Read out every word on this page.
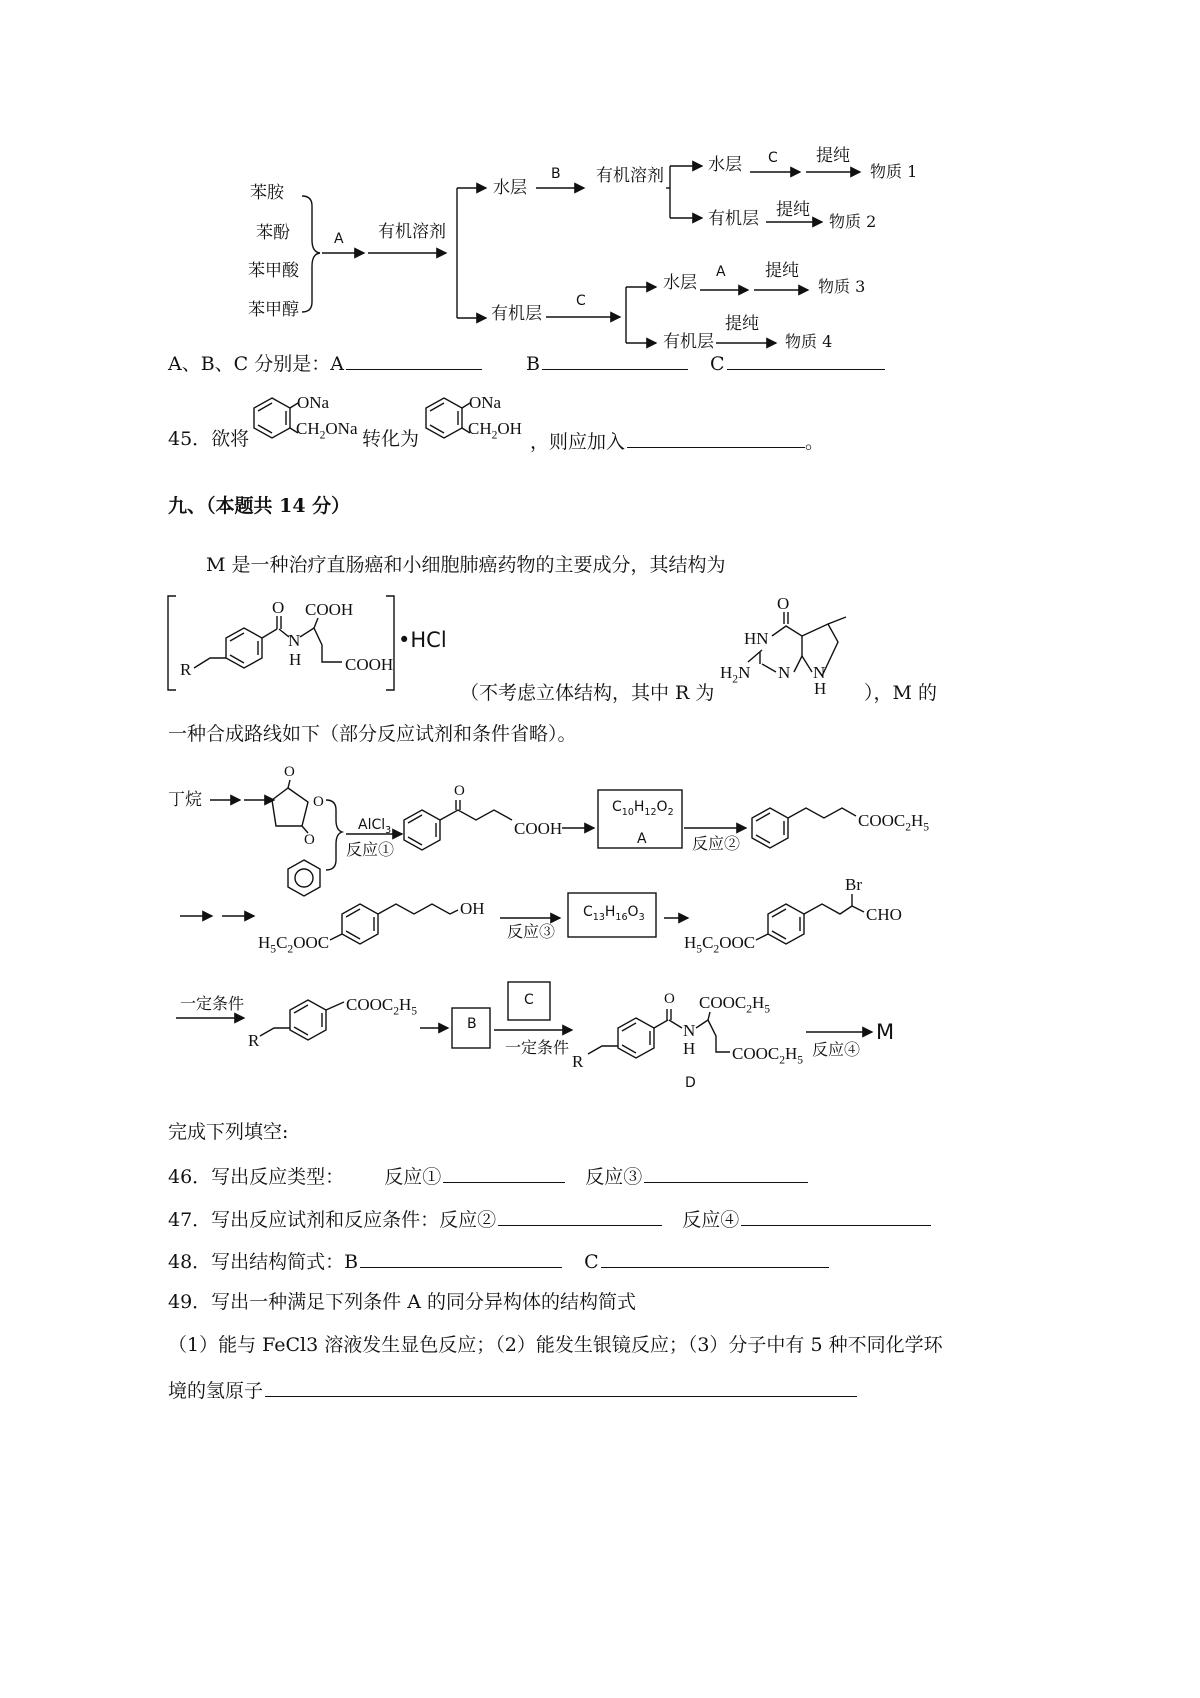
苯胺
苯酚
苯甲酸
苯甲醇
A 有机溶剂
水层
B 有机溶剂
水层 C 提纯
物质 1
有机层 提纯
物质 2
有机层
C
水层
A 提纯
物质 3
有机层
提纯
物质 4
A、B、C 分别是：A	B	C
45．欲将
ONa
$CH_2ONa$ 转化为
ONa
$CH_2OH$
，则应加入	。
九、（本题共 14 分）
M 是一种治疗直肠癌和小细胞肺癌药物的主要成分，其结构为
O COOH
N
H	COOH
R
•HCl
（不考虑立体结构，其中 R 为	），M 的
一种合成路线如下（部分反应试剂和条件省略）。
O
HN
$H_2N$ N N
H
丁烷
O
O
O
AlCl$_3$
反应①
O
COOH
$C_{10}H_{12}O_2$
A	反应②
$COOC_2H_5$
OH
$H_5C_2OOC$
$C_{13}H_{16}O_3$
反应③
Br
CHO
$H_5C_2OOC$
一定条件	$COOC_2H_5$
R
B
C
一定条件
O $COOC_2H_5$
N
H $COOC_2H_5$
R
D
反应④
M
完成下列填空:
46．写出反应类型： 反应①	反应③
47．写出反应试剂和反应条件：反应②	反应④
48．写出结构简式：B	C
49．写出一种满足下列条件 A 的同分异构体的结构简式
（1）能与 FeCl3 溶液发生显色反应；（2）能发生银镜反应；（3）分子中有 5 种不同化学环
境的氢原子
